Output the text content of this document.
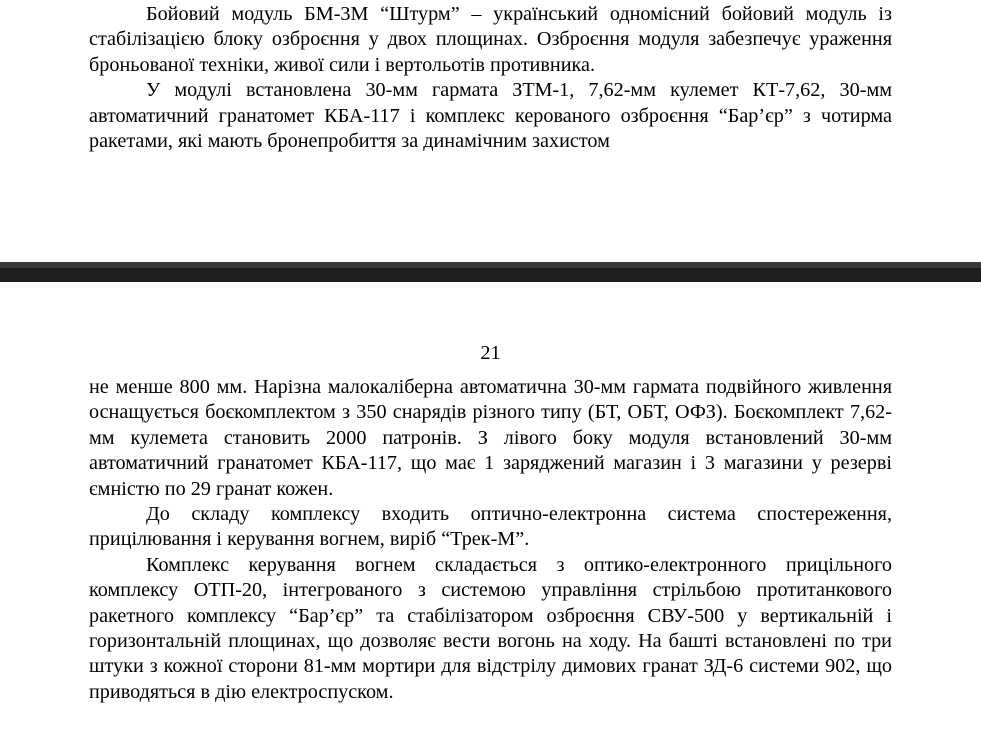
Бойовий модуль БМ-3М “Штурм” – український одномісний бойовий модуль із стабілізацією блоку озброєння у двох площинах. Озброєння модуля забезпечує ураження броньованої техніки, живої сили і вертольотів противника.

У модулі встановлена 30-мм гармата ЗТМ-1, 7,62-мм кулемет КТ-7,62, 30-мм автоматичний гранатомет КБА-117 і комплекс керованого озброєння “Бар’єр” з чотирма ракетами, які мають бронепробиття за динамічним захистом

21

не менше 800 мм. Нарізна малокаліберна автоматична 30-мм гармата подвійного живлення оснащується боєкомплектом з 350 снарядів різного типу (БТ, ОБТ, ОФЗ). Боєкомплект 7,62-мм кулемета становить 2000 патронів. З лівого боку модуля встановлений 30-мм автоматичний гранатомет КБА-117, що має 1 заряджений магазин і 3 магазини у резерві ємністю по 29 гранат кожен.

До складу комплексу входить оптично-електронна система спостереження, прицілювання і керування вогнем, виріб “Трек-М”.

Комплекс керування вогнем складається з оптико-електронного прицільного комплексу ОТП-20, інтегрованого з системою управління стрільбою протитанкового ракетного комплексу “Бар’єр” та стабілізатором озброєння СВУ-500 у вертикальній і горизонтальній площинах, що дозволяє вести вогонь на ходу. На башті встановлені по три штуки з кожної сторони 81-мм мортири для відстрілу димових гранат ЗД-6 системи 902, що приводяться в дію електроспуском.
